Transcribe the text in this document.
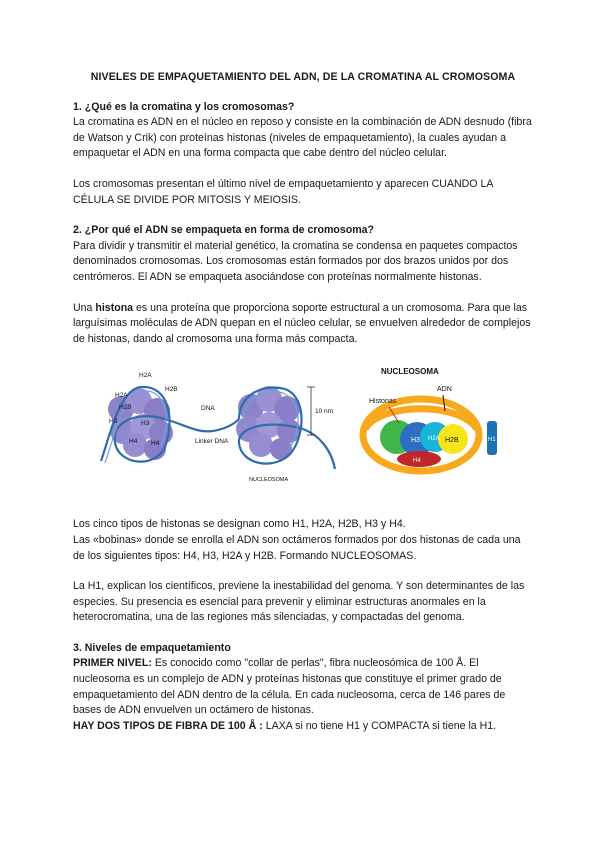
NIVELES DE EMPAQUETAMIENTO DEL ADN, DE LA CROMATINA AL CROMOSOMA

1. ¿Qué es la cromatina y los cromosomas?

La cromatina es ADN en el núcleo en reposo y consiste en la combinación de ADN desnudo (fibra de Watson y Crik) con proteínas histonas (niveles de empaquetamiento), la cuales ayudan a empaquetar el ADN en una forma compacta que cabe dentro del núcleo celular.

Los cromosomas presentan el último nivel de empaquetamiento y aparecen CUANDO LA CÉLULA SE DIVIDE POR MITOSIS Y MEIOSIS.

2. ¿Por qué el ADN se empaqueta en forma de cromosoma?

Para dividir y transmitir el material genético, la cromatina se condensa en paquetes compactos denominados cromosomas. Los cromosomas están formados por dos brazos unidos por dos centrómeros. El ADN se empaqueta asociándose con proteínas normalmente histonas.

Una histona es una proteína que proporciona soporte estructural a un cromosoma. Para que las larguísimas moléculas de ADN quepan en el núcleo celular, se envuelven alrededor de complejos de histonas, dando al cromosoma una forma más compacta.

H2A
H2B
H2A
H2B
H3	H3
H4 H4
DNA
Linker DNA
10 nm
NUCLEOSOMA
NUCLEOSOMA
Histonas
ADN
H3 H2A H2B
H4
H1

Los cinco tipos de histonas se designan como H1, H2A, H2B, H3 y H4.

Las «bobinas» donde se enrolla el ADN son octámeros formados por dos histonas de cada una de los siguientes tipos: H4, H3, H2A y H2B. Formando NUCLEOSOMAS.

La H1, explican los científicos, previene la inestabilidad del genoma. Y son determinantes de las especies. Su presencia es esencial para prevenir y eliminar estructuras anormales en la heterocromatina, una de las regiones más silenciadas, y compactadas del genoma.

3. Niveles de empaquetamiento

PRIMER NIVEL: Es conocido como "collar de perlas", fibra nucleosómica de 100 Å. El nucleosoma es un complejo de ADN y proteínas histonas que constituye el primer grado de empaquetamiento del ADN dentro de la célula. En cada nucleosoma, cerca de 146 pares de bases de ADN envuelven un octámero de histonas.

HAY DOS TIPOS DE FIBRA DE 100 Å : LAXA si no tiene H1 y COMPACTA si tiene la H1.
